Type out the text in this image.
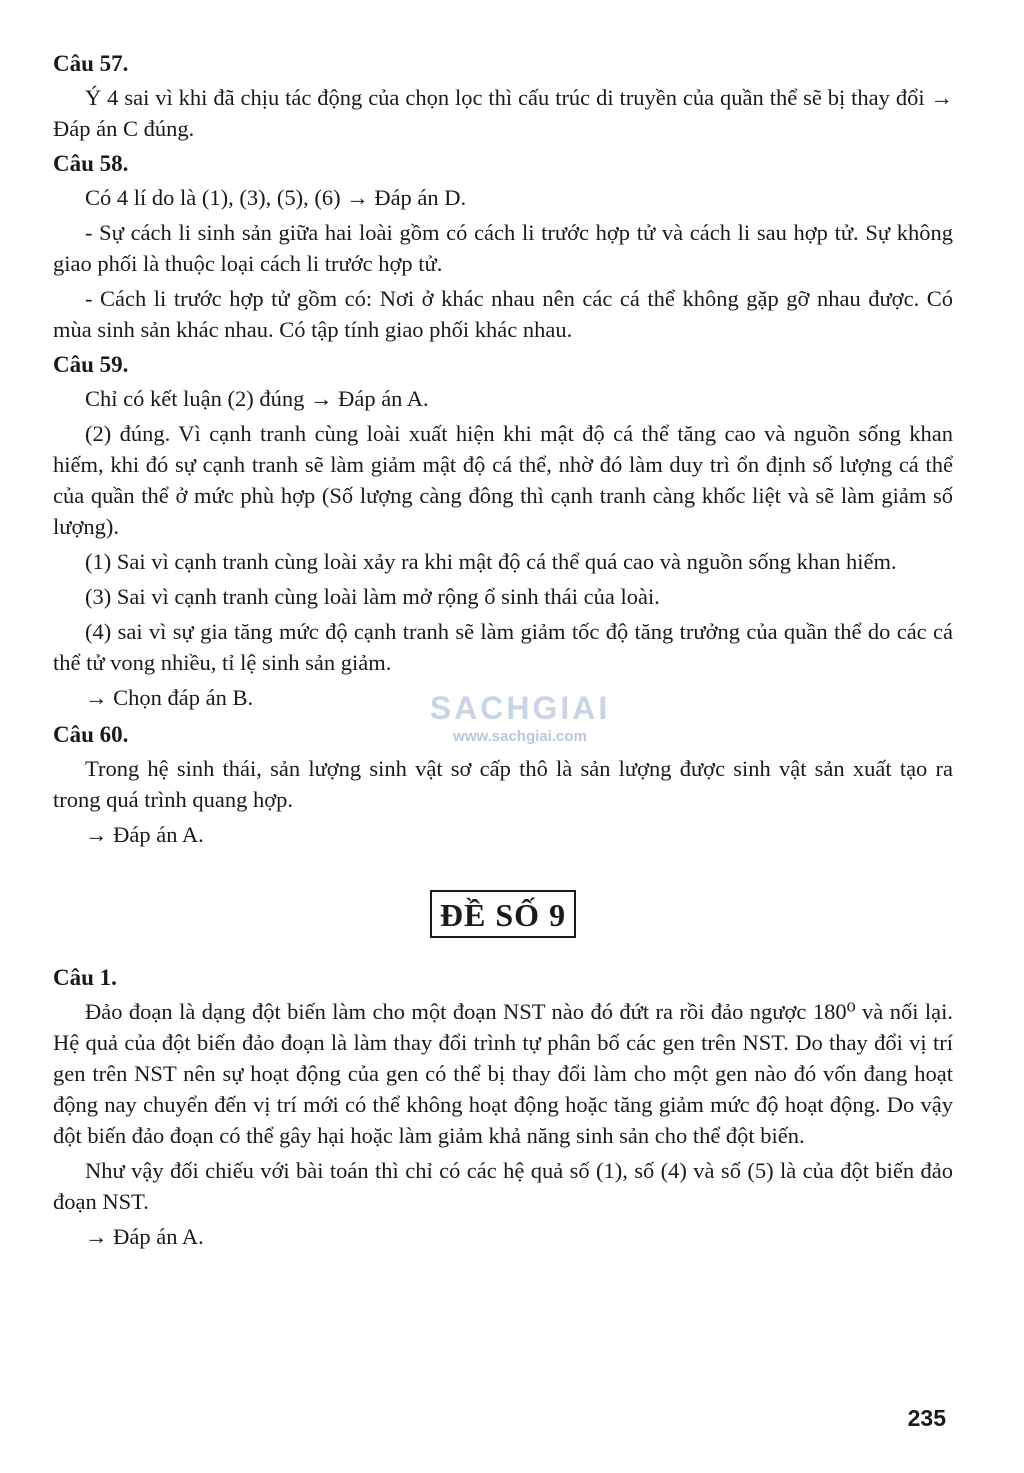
Câu 57.

Ý 4 sai vì khi đã chịu tác động của chọn lọc thì cấu trúc di truyền của quần thể sẽ bị thay đổi → Đáp án C đúng.

Câu 58.

Có 4 lí do là (1), (3), (5), (6) → Đáp án D.

- Sự cách li sinh sản giữa hai loài gồm có cách li trước hợp tử và cách li sau hợp tử. Sự không giao phối là thuộc loại cách li trước hợp tử.

- Cách li trước hợp tử gồm có: Nơi ở khác nhau nên các cá thể không gặp gỡ nhau được. Có mùa sinh sản khác nhau. Có tập tính giao phối khác nhau.

Câu 59.

Chỉ có kết luận (2) đúng → Đáp án A.

(2) đúng. Vì cạnh tranh cùng loài xuất hiện khi mật độ cá thể tăng cao và nguồn sống khan hiếm, khi đó sự cạnh tranh sẽ làm giảm mật độ cá thể, nhờ đó làm duy trì ổn định số lượng cá thể của quần thể ở mức phù hợp (Số lượng càng đông thì cạnh tranh càng khốc liệt và sẽ làm giảm số lượng).

(1) Sai vì cạnh tranh cùng loài xảy ra khi mật độ cá thể quá cao và nguồn sống khan hiếm.

(3) Sai vì cạnh tranh cùng loài làm mở rộng ổ sinh thái của loài.

(4) sai vì sự gia tăng mức độ cạnh tranh sẽ làm giảm tốc độ tăng trưởng của quần thể do các cá thể tử vong nhiều, tỉ lệ sinh sản giảm.

→ Chọn đáp án B.
Câu 60.

Trong hệ sinh thái, sản lượng sinh vật sơ cấp thô là sản lượng được sinh vật sản xuất tạo ra trong quá trình quang hợp.

→ Đáp án A.
ĐỀ SỐ 9
Câu 1.

Đảo đoạn là dạng đột biến làm cho một đoạn NST nào đó đứt ra rồi đảo ngược 180⁰ và nối lại. Hệ quả của đột biến đảo đoạn là làm thay đổi trình tự phân bố các gen trên NST. Do thay đổi vị trí gen trên NST nên sự hoạt động của gen có thể bị thay đổi làm cho một gen nào đó vốn đang hoạt động nay chuyển đến vị trí mới có thể không hoạt động hoặc tăng giảm mức độ hoạt động. Do vậy đột biến đảo đoạn có thể gây hại hoặc làm giảm khả năng sinh sản cho thể đột biến.

Như vậy đối chiếu với bài toán thì chỉ có các hệ quả số (1), số (4) và số (5) là của đột biến đảo đoạn NST.

→ Đáp án A.
SACHGIAI
www.sachgiai.com
235
